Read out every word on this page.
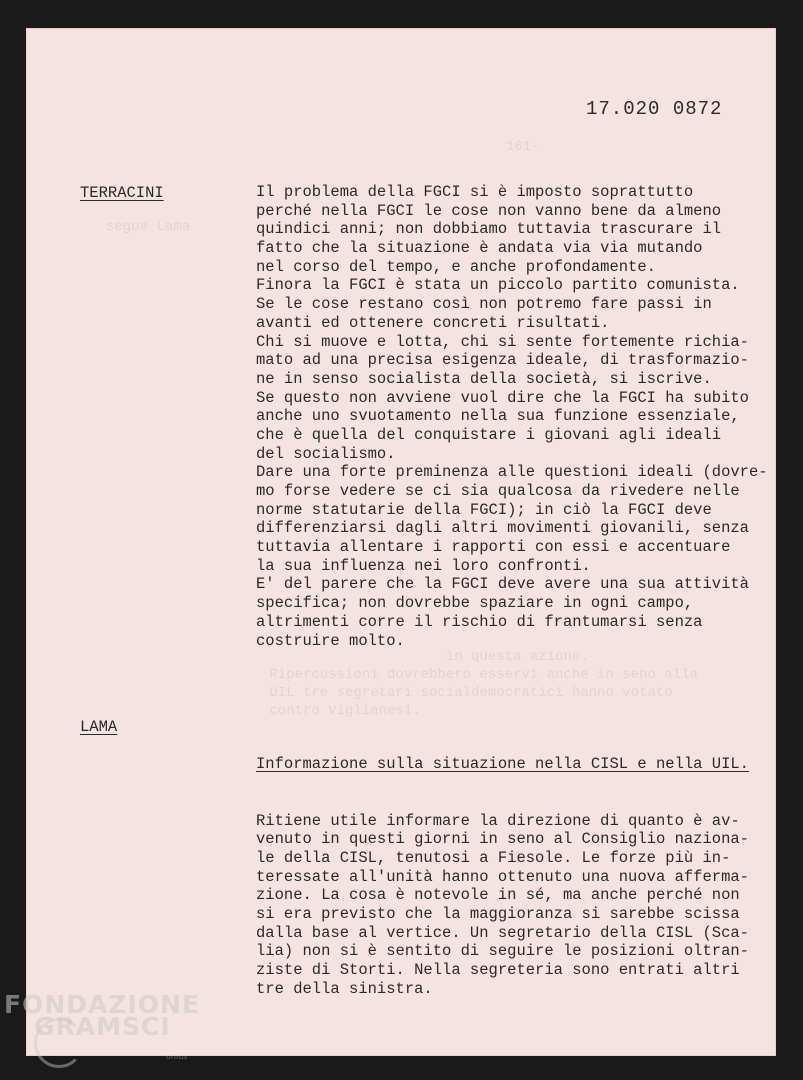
161-
segue Lama
in questa azione.
Ripercussioni dovrebbero esservi anche in seno alla
UIL tre segretari socialdemocratici hanno votato
contro Viglianesi.
17.020 0872
TERRACINI	Il problema della FGCI si è imposto soprattutto
perché nella FGCI le cose non vanno bene da almeno
quindici anni; non dobbiamo tuttavia trascurare il
fatto che la situazione è andata via via mutando
nel corso del tempo, e anche profondamente.
Finora la FGCI è stata un piccolo partito comunista.
Se le cose restano così non potremo fare passi in
avanti ed ottenere concreti risultati.
Chi si muove e lotta, chi si sente fortemente richia-
mato ad una precisa esigenza ideale, di trasformazio-
ne in senso socialista della società, si iscrive.
Se questo non avviene vuol dire che la FGCI ha subito
anche uno svuotamento nella sua funzione essenziale,
che è quella del conquistare i giovani agli ideali
del socialismo.
Dare una forte preminenza alle questioni ideali (dovre-
mo forse vedere se ci sia qualcosa da rivedere nelle
norme statutarie della FGCI); in ciò la FGCI deve
differenziarsi dagli altri movimenti giovanili, senza
tuttavia allentare i rapporti con essi e accentuare
la sua influenza nei loro confronti.
E' del parere che la FGCI deve avere una sua attività
specifica; non dovrebbe spaziare in ogni campo,
altrimenti corre il rischio di frantumarsi senza
costruire molto.
LAMA

Informazione sulla situazione nella CISL e nella UIL.

Ritiene utile informare la direzione di quanto è av-
venuto in questi giorni in seno al Consiglio naziona-
le della CISL, tenutosi a Fiesole. Le forze più in-
teressate all'unità hanno ottenuto una nuova afferma-
zione. La cosa è notevole in sé, ma anche perché non
si era previsto che la maggioranza si sarebbe scissa
dalla base al vertice. Un segretario della CISL (Sca-
lia) non si è sentito di seguire le posizioni oltran-
ziste di Storti. Nella segreteria sono entrati altri
tre della sinistra.
FONDAZIONE
GRAMSCI
onlus
